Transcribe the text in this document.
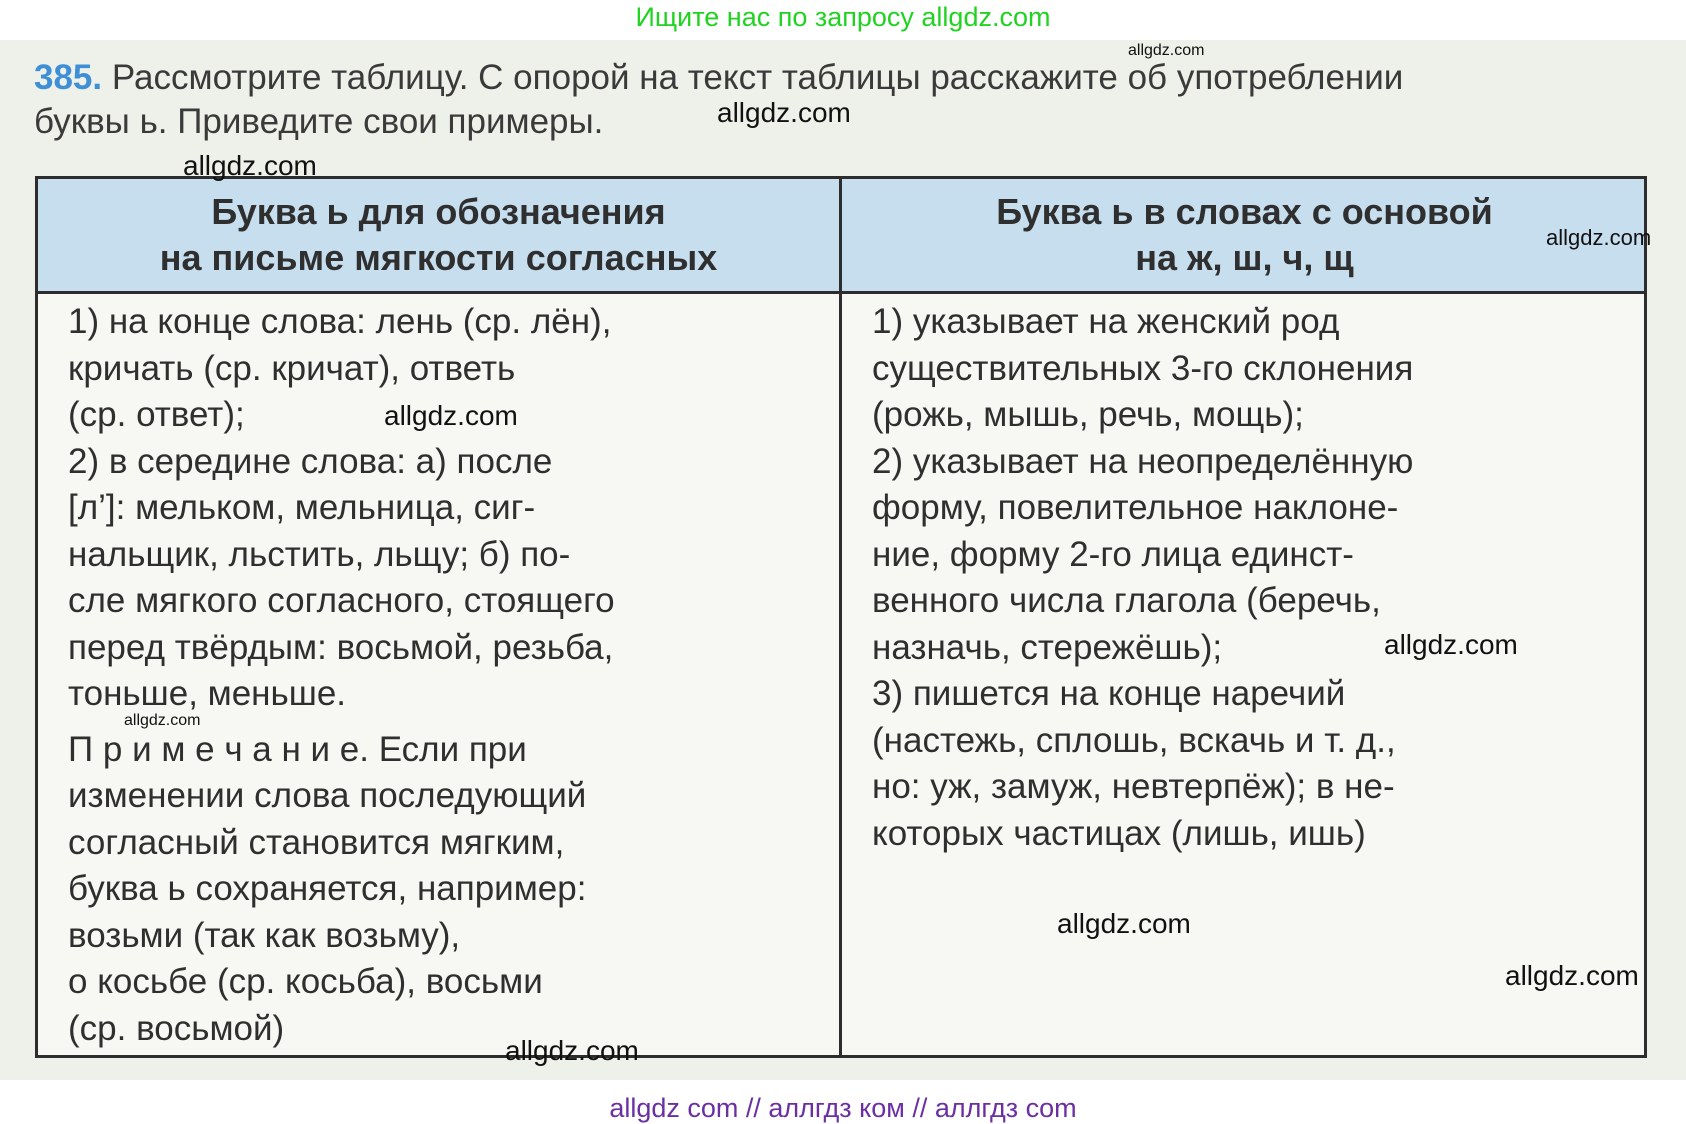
Ищите нас по запросу allgdz.com
385. Рассмотрите таблицу. С опорой на текст таблицы расскажите об употреблении
буквы ь. Приведите свои примеры.
Буква ь для обозначения
на письме мягкости согласных
Буква ь в словах с основой
на ж, ш, ч, щ
1) на конце слова: лень (ср. лён),
кричать (ср. кричат), ответь
(ср. ответ);
2) в середине слова: а) после
[л’]: мельком, мельница, сиг-
нальщик, льстить, льщу; б) по-
сле мягкого согласного, стоящего
перед твёрдым: восьмой, резьба,
тоньше, меньше.
П р и м е ч а н и е. Если при
изменении слова последующий
согласный становится мягким,
буква ь сохраняется, например:
возьми (так как возьму),
о косьбе (ср. косьба), восьми
(ср. восьмой)
1) указывает на женский род
существительных 3-го склонения
(рожь, мышь, речь, мощь);
2) указывает на неопределённую
форму, повелительное наклоне-
ние, форму 2-го лица единст-
венного числа глагола (беречь,
назначь, стережёшь);
3) пишется на конце наречий
(настежь, сплошь, вскачь и т. д.,
но: уж, замуж, невтерпёж); в не-
которых частицах (лишь, ишь)
allgdz.com
allgdz.com
allgdz.com
allgdz.com
allgdz.com
allgdz.com
allgdz.com
allgdz.com
allgdz.com
allgdz.com
allgdz com // аллгдз ком // аллгдз com
